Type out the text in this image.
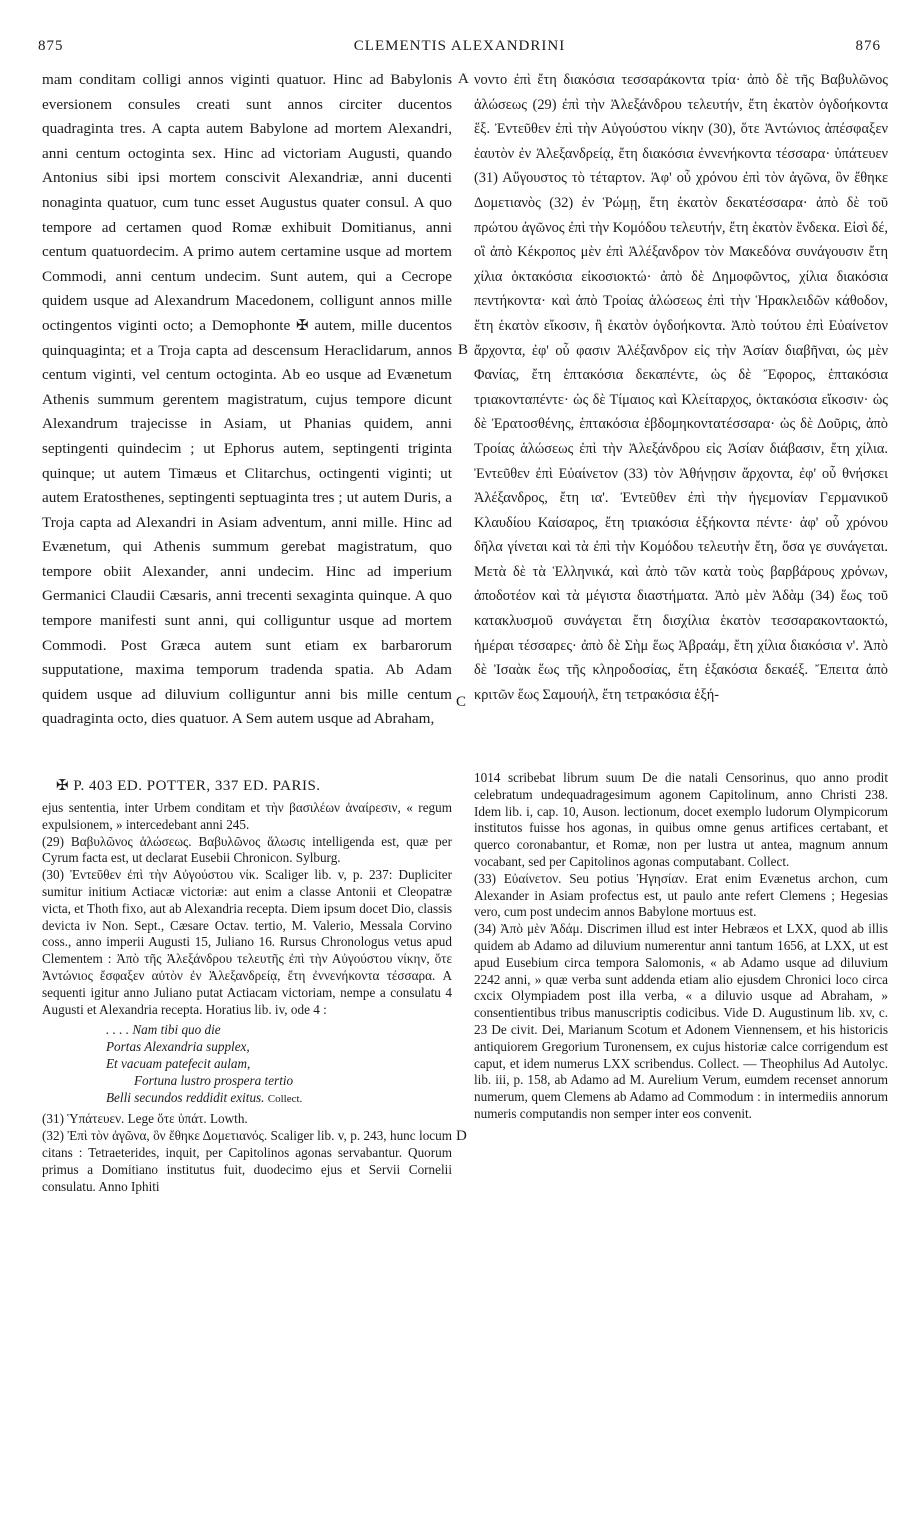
875	CLEMENTIS ALEXANDRINI	876

mam conditam colligi annos viginti quatuor. Hinc ad Babylonis eversionem consules creati sunt annos circiter ducentos quadraginta tres. A capta autem Babylone ad mortem Alexandri, anni centum octoginta sex. Hinc ad victoriam Augusti, quando Antonius sibi ipsi mortem conscivit Alexandriæ, anni ducenti nonaginta quatuor, cum tunc esset Augustus quater consul. A quo tempore ad certamen quod Romæ exhibuit Domitianus, anni centum quatuordecim. A primo autem certamine usque ad mortem Commodi, anni centum undecim. Sunt autem, qui a Cecrope quidem usque ad Alexandrum Macedonem, colligunt annos mille octingentos viginti octo; a Demophonte ✠ autem, mille ducentos quinquaginta; et a Troja capta ad descensum Heraclidarum, annos centum viginti, vel centum octoginta. Ab eo usque ad Evænetum Athenis summum gerentem magistratum, cujus tempore dicunt Alexandrum trajecisse in Asiam, ut Phanias quidem, anni septingenti quindecim ; ut Ephorus autem, septingenti triginta quinque; ut autem Timæus et Clitarchus, octingenti viginti; ut autem Eratosthenes, septingenti septuaginta tres ; ut autem Duris, a Troja capta ad Alexandri in Asiam adventum, anni mille. Hinc ad Evænetum, qui Athenis summum gerebat magistratum, quo tempore obiit Alexander, anni undecim. Hinc ad imperium Germanici Claudii Cæsaris, anni trecenti sexaginta quinque. A quo tempore manifesti sunt anni, qui colliguntur usque ad mortem Commodi. Post Græca autem sunt etiam ex barbarorum supputatione, maxima temporum tradenda spatia. Ab Adam quidem usque ad diluvium colliguntur anni bis mille centum quadraginta octo, dies quatuor. A Sem autem usque ad Abraham,

A
B
C
D

νοντο ἐπὶ ἔτη διακόσια τεσσαράκοντα τρία· ἀπὸ δὲ τῆς Βαβυλῶνος ἁλώσεως (29) ἐπὶ τὴν Ἀλεξάνδρου τελευτήν, ἔτη ἑκατὸν ὀγδοήκοντα ἕξ. Ἐντεῦθεν ἐπὶ τὴν Αὐγούστου νίκην (30), ὅτε Ἀντώνιος ἀπέσφαξεν ἑαυτὸν ἐν Ἀλεξανδρείᾳ, ἔτη διακόσια ἐννενήκοντα τέσσαρα· ὑπάτευεν (31) Αὔγουστος τὸ τέταρτον. Ἀφ' οὗ χρόνου ἐπὶ τὸν ἀγῶνα, ὃν ἔθηκε Δομετιανὸς (32) ἐν Ῥώμῃ, ἔτη ἑκατὸν δεκατέσσαρα· ἀπὸ δὲ τοῦ πρώτου ἀγῶνος ἐπὶ τὴν Κομόδου τελευτήν, ἔτη ἑκατὸν ἕνδεκα. Εἰσὶ δέ, οἳ ἀπὸ Κέκροπος μὲν ἐπὶ Ἀλέξανδρον τὸν Μακεδόνα συνάγουσιν ἔτη χίλια ὀκτακόσια εἰκοσιοκτώ· ἀπὸ δὲ Δημοφῶντος, χίλια διακόσια πεντήκοντα· καὶ ἀπὸ Τροίας ἁλώσεως ἐπὶ τὴν Ἡρακλειδῶν κάθοδον, ἔτη ἑκατὸν εἴκοσιν, ἢ ἑκατὸν ὀγδοήκοντα. Ἀπὸ τούτου ἐπὶ Εὐαίνετον ἄρχοντα, ἐφ' οὗ φασιν Ἀλέξανδρον εἰς τὴν Ἀσίαν διαβῆναι, ὡς μὲν Φανίας, ἔτη ἑπτακόσια δεκαπέντε, ὡς δὲ Ἔφορος, ἑπτακόσια τριακονταπέντε· ὡς δὲ Τίμαιος καὶ Κλείταρχος, ὀκτακόσια εἴκοσιν· ὡς δὲ Ἐρατοσθένης, ἑπτακόσια ἑβδομηκοντατέσσαρα· ὡς δὲ Δοῦρις, ἀπὸ Τροίας ἁλώσεως ἐπὶ τὴν Ἀλεξάνδρου εἰς Ἀσίαν διάβασιν, ἔτη χίλια. Ἐντεῦθεν ἐπὶ Εὐαίνετον (33) τὸν Ἀθήνῃσιν ἄρχοντα, ἐφ' οὗ θνήσκει Ἀλέξανδρος, ἔτη ια'. Ἐντεῦθεν ἐπὶ τὴν ἡγεμονίαν Γερμανικοῦ Κλαυδίου Καίσαρος, ἔτη τριακόσια ἑξήκοντα πέντε· ἀφ' οὗ χρόνου δῆλα γίνεται καὶ τὰ ἐπὶ τὴν Κομόδου τελευτὴν ἔτη, ὅσα γε συνάγεται. Μετὰ δὲ τὰ Ἑλληνικά, καὶ ἀπὸ τῶν κατὰ τοὺς βαρβάρους χρόνων, ἀποδοτέον καὶ τὰ μέγιστα διαστήματα. Ἀπὸ μὲν Ἀδὰμ (34) ἕως τοῦ κατακλυσμοῦ συνάγεται ἔτη δισχίλια ἑκατὸν τεσσαρακονταοκτώ, ἡμέραι τέσσαρες· ἀπὸ δὲ Σὴμ ἕως Ἀβραάμ, ἔτη χίλια διακόσια ν'. Ἀπὸ δὲ Ἰσαὰκ ἕως τῆς κληροδοσίας, ἔτη ἑξακόσια δεκαέξ. Ἔπειτα ἀπὸ κριτῶν ἕως Σαμουήλ, ἔτη τετρακόσια ἑξή-

✠ P. 403 ED. POTTER, 337 ED. PARIS.

ejus sententia, inter Urbem conditam et τὴν βασιλέων ἀναίρεσιν, « regum expulsionem, » intercedebant anni 245.

(29) Βαβυλῶνος ἁλώσεως. Βαβυλῶνος ἅλωσις intelligenda est, quæ per Cyrum facta est, ut declarat Eusebii Chronicon. Sylburg.

(30) Ἐντεῦθεν ἐπὶ τὴν Αὐγούστου νίκ. Scaliger lib. v, p. 237: Dupliciter sumitur initium Actiacæ victoriæ: aut enim a classe Antonii et Cleopatræ victa, et Thoth fixo, aut ab Alexandria recepta. Diem ipsum docet Dio, classis devicta iv Non. Sept., Cæsare Octav. tertio, M. Valerio, Messala Corvino coss., anno imperii Augusti 15, Juliano 16. Rursus Chronologus vetus apud Clementem : Ἀπὸ τῆς Ἀλεξάνδρου τελευτῆς ἐπὶ τὴν Αὐγούστου νίκην, ὅτε Ἀντώνιος ἔσφαξεν αὐτὸν ἐν Ἀλεξανδρείᾳ, ἔτη ἐννενήκοντα τέσσαρα. A sequenti igitur anno Juliano putat Actiacam victoriam, nempe a consulatu 4 Augusti et Alexandria recepta. Horatius lib. iv, ode 4 :

. . . . Nam tibi quo die
Portas Alexandria supplex,
Et vacuam patefecit aulam,
Fortuna lustro prospera tertio
Belli secundos reddidit exitus. Collect.

(31) Ὑπάτευεν. Lege ὅτε ὑπάτ. Lowth.

(32) Ἐπὶ τὸν ἀγῶνα, ὃν ἔθηκε Δομετιανός. Scaliger lib. v, p. 243, hunc locum citans : Tetraeterides, inquit, per Capitolinos agonas servabantur. Quorum primus a Domitiano institutus fuit, duodecimo ejus et Servii Cornelii consulatu. Anno Iphiti

1014 scribebat librum suum De die natali Censorinus, quo anno prodit celebratum undequadragesimum agonem Capitolinum, anno Christi 238. Idem lib. i, cap. 10, Auson. lectionum, docet exemplo ludorum Olympicorum institutos fuisse hos agonas, in quibus omne genus artifices certabant, et querco coronabantur, et Romæ, non per lustra ut antea, magnum annum vocabant, sed per Capitolinos agonas computabant. Collect.

(33) Εὐαίνετον. Seu potius Ἡγησίαν. Erat enim Evænetus archon, cum Alexander in Asiam profectus est, ut paulo ante refert Clemens ; Hegesias vero, cum post undecim annos Babylone mortuus est.

(34) Ἀπὸ μὲν Ἀδάμ. Discrimen illud est inter Hebræos et LXX, quod ab illis quidem ab Adamo ad diluvium numerentur anni tantum 1656, at LXX, ut est apud Eusebium circa tempora Salomonis, « ab Adamo usque ad diluvium 2242 anni, » quæ verba sunt addenda etiam alio ejusdem Chronici loco circa cxcix Olympiadem post illa verba, « a diluvio usque ad Abraham, » consentientibus tribus manuscriptis codicibus. Vide D. Augustinum lib. xv, c. 23 De civit. Dei, Marianum Scotum et Adonem Viennensem, et his historicis antiquiorem Gregorium Turonensem, ex cujus historiæ calce corrigendum est caput, et idem numerus LXX scribendus. Collect. — Theophilus Ad Autolyc. lib. iii, p. 158, ab Adamo ad M. Aurelium Verum, eumdem recenset annorum numerum, quem Clemens ab Adamo ad Commodum : in intermediis annorum numeris computandis non semper inter eos convenit.
